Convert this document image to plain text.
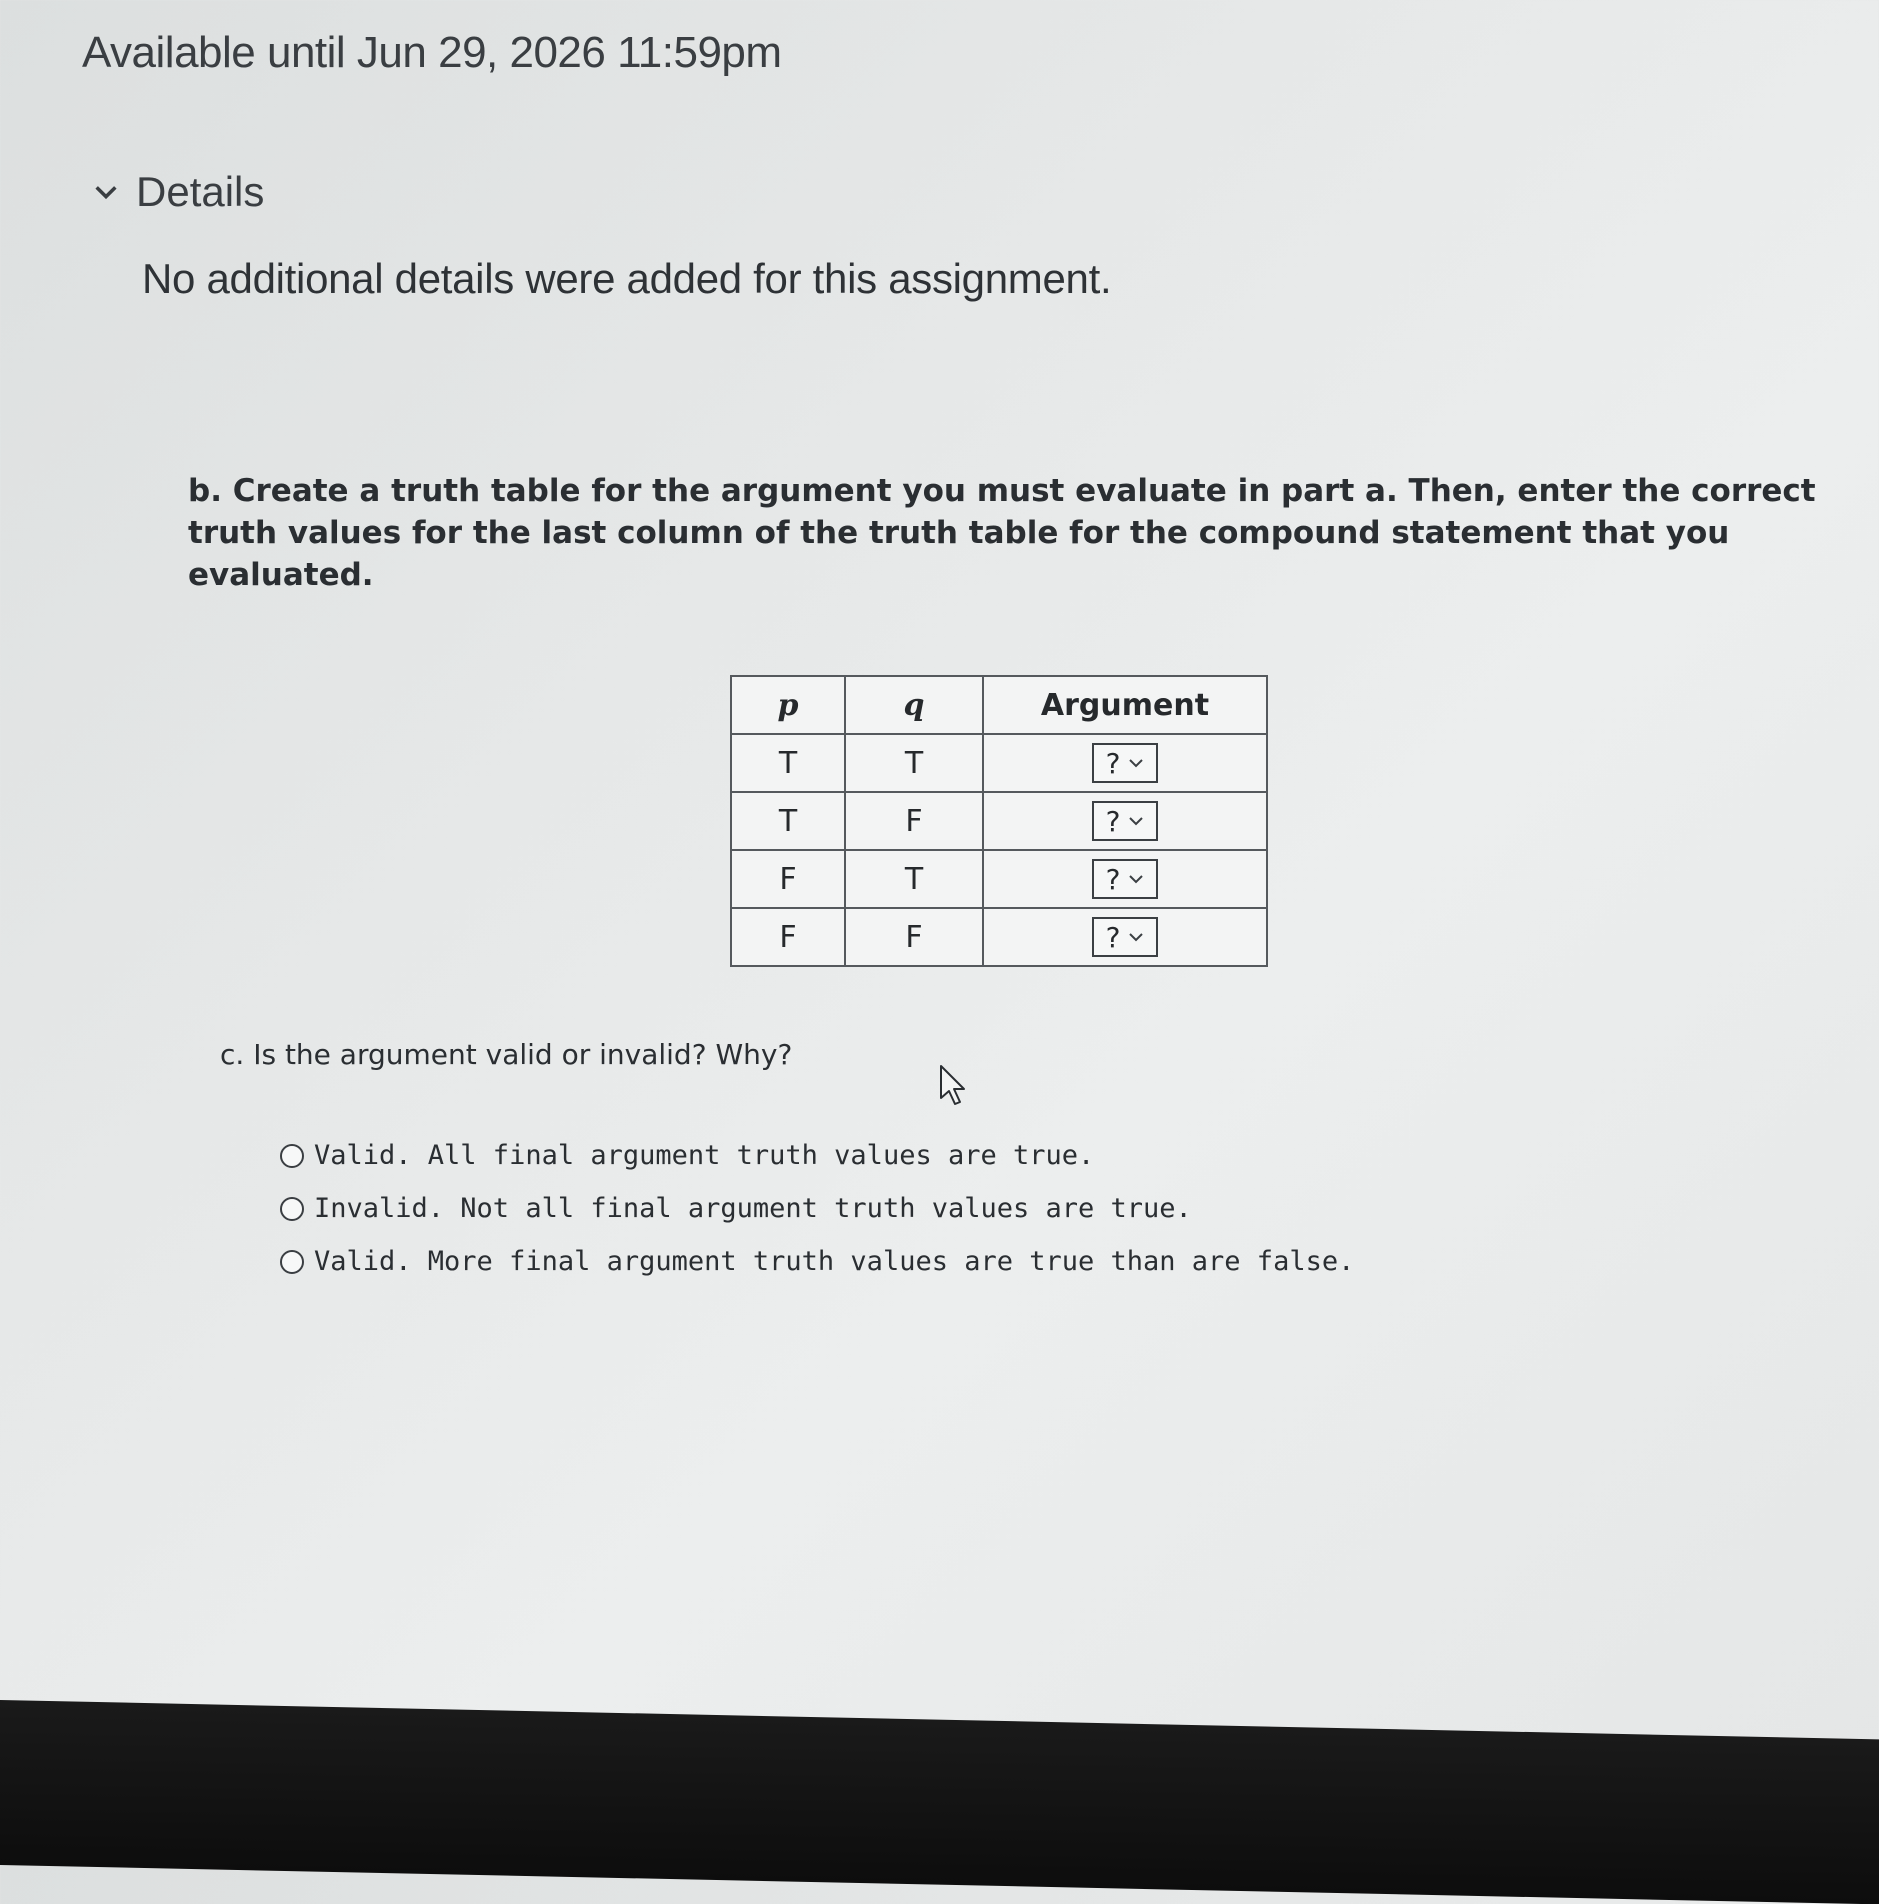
Available until Jun 29, 2026 11:59pm
Details
No additional details were added for this assignment.
b. Create a truth table for the argument you must evaluate in part a. Then, enter the correct truth values for the last column of the truth table for the compound statement that you evaluated.
p	q	Argument
T	T	?

T	F	?

F	T	?

F	F	?
c. Is the argument valid or invalid? Why?
Valid. All final argument truth values are true.
Invalid. Not all final argument truth values are true.
Valid. More final argument truth values are true than are false.
